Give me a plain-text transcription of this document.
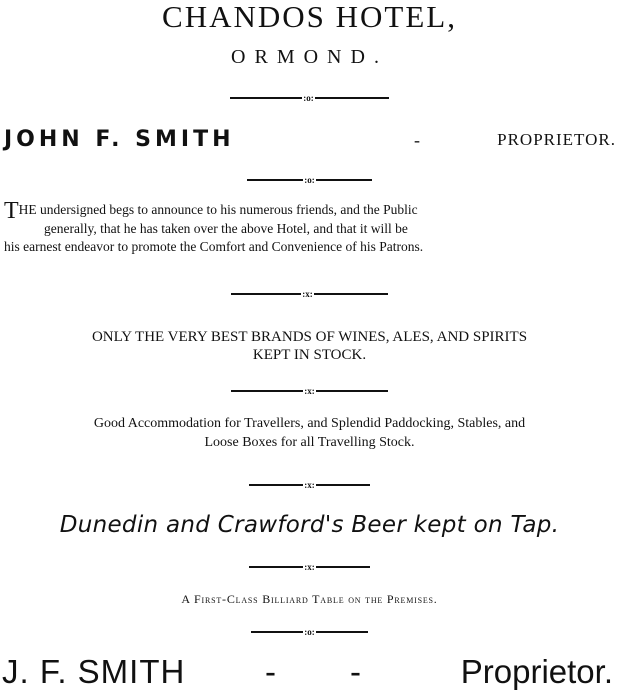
CHANDOS HOTEL,
ORMOND.
:o:
JOHN F. SMITH	-	PROPRIETOR.
:o:
THE undersigned begs to announce to his numerous friends, and the Public
generally, that he has taken over the above Hotel, and that it will be
his earnest endeavor to promote the Comfort and Convenience of his Patrons.
:x:
ONLY THE VERY BEST BRANDS OF WINES, ALES, AND SPIRITS
KEPT IN STOCK.
:x:
Good Accommodation for Travellers, and Splendid Paddocking, Stables, and
Loose Boxes for all Travelling Stock.
:x:
Dunedin and Crawford's Beer kept on Tap.
:x:
A First-Class Billiard Table on the Premises.
:o:
J. F. SMITH - -	Proprietor.
